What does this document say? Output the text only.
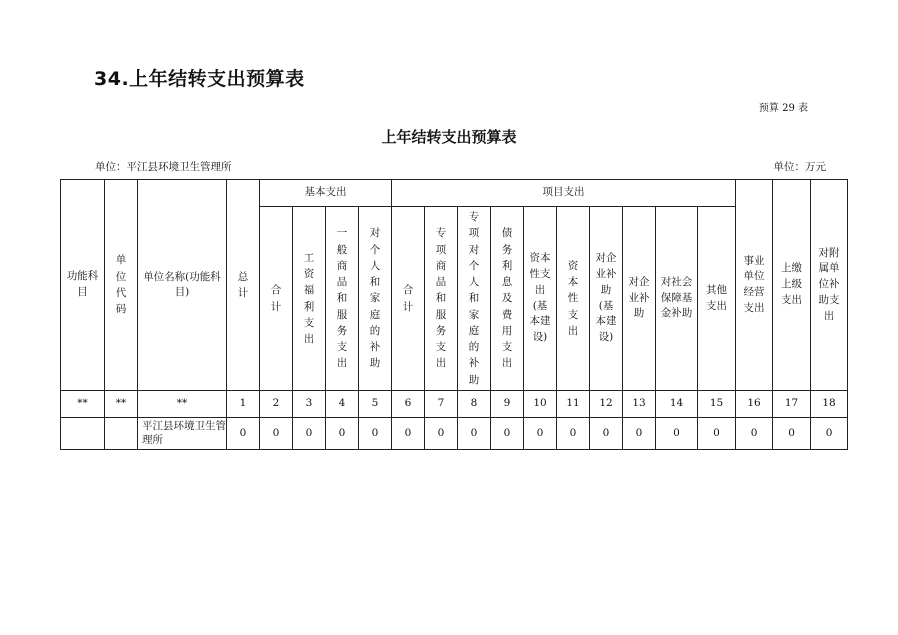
34.上年结转支出预算表
预算 29 表
上年结转支出预算表
单位：平江县环境卫生管理所	单位：万元
功能科目	单位代码	单位名称(功能科目)	总计	基本支出				项目支出										事业单位经营支出	上缴上级支出	对附属单位补助支出
				合计	工资福利支出	一般商品和服务支出	对个人和家庭的补助	合计	专项商品和服务支出	专项对个人和家庭的补助	债务利息及费用支出	资本性支出(基本建设)	资本性支出	对企业补助(基本建设)	对企业补助	对社会保障基金补助	其他支出			
**	**	**	1	2	3	4	5	6	7	8	9	10	11	12	13	14	15	16	17	18
		平江县环境卫生管理所	0	0	0	0	0	0	0	0	0	0	0	0	0	0	0	0	0	0
